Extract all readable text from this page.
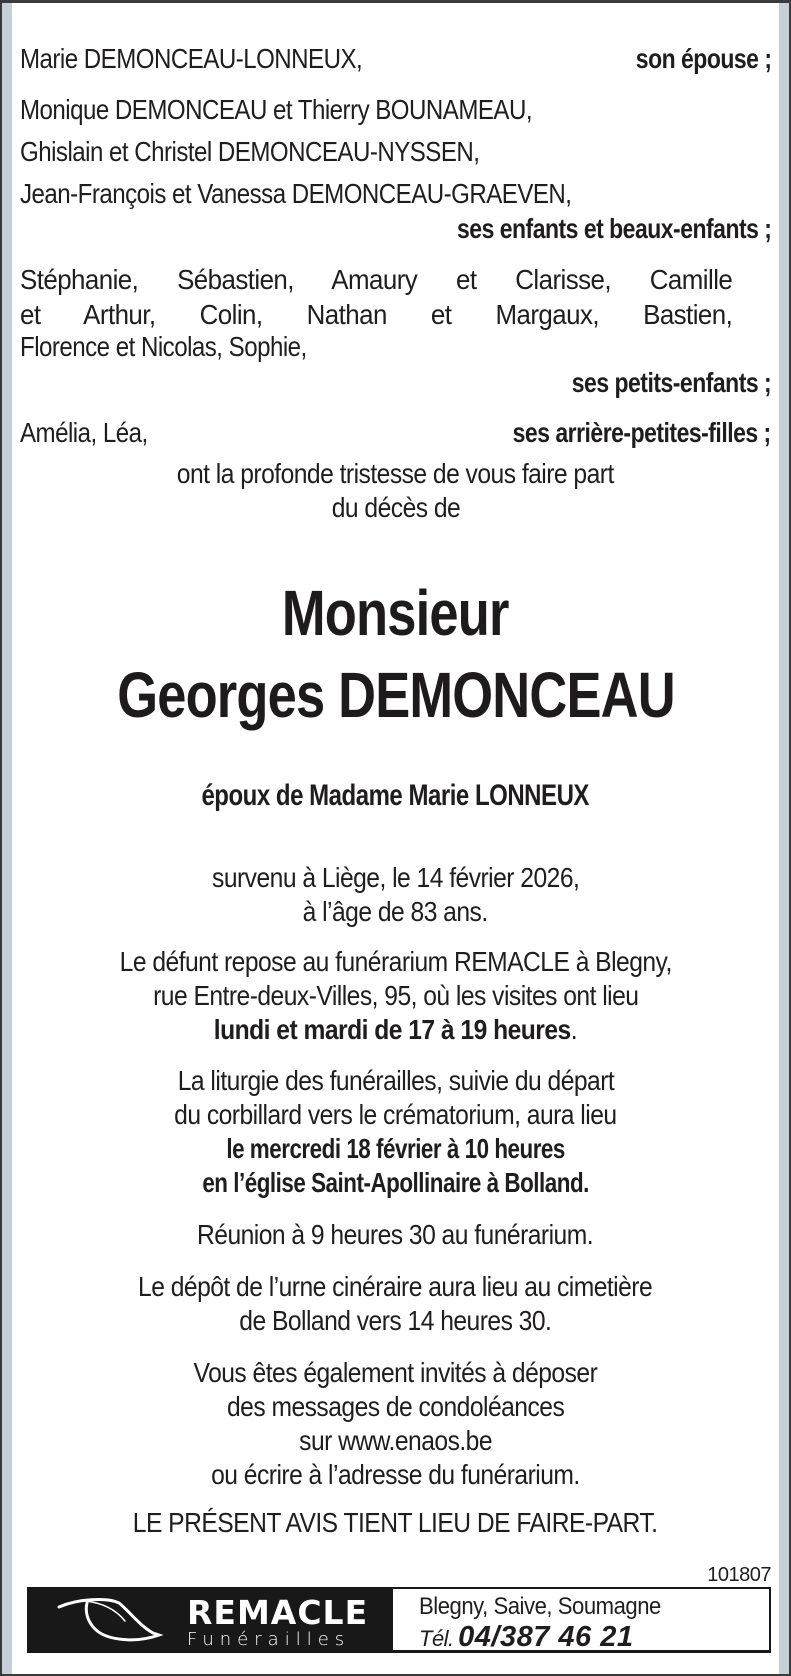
Marie DEMONCEAU-LONNEUX,	son épouse ;
Monique DEMONCEAU et Thierry BOUNAMEAU,
Ghislain et Christel DEMONCEAU-NYSSEN,
Jean-François et Vanessa DEMONCEAU-GRAEVEN,
ses enfants et beaux-enfants ;
Stéphanie, Sébastien, Amaury et Clarisse, Camille
et Arthur, Colin, Nathan et Margaux, Bastien,
Florence et Nicolas, Sophie,
ses petits-enfants ;
Amélia, Léa,	ses arrière-petites-filles ;
ont la profonde tristesse de vous faire part
du décès de
Monsieur
Georges DEMONCEAU
époux de Madame Marie LONNEUX
survenu à Liège, le 14 février 2026,
à l’âge de 83 ans.
Le défunt repose au funérarium REMACLE à Blegny,
rue Entre-deux-Villes, 95, où les visites ont lieu
lundi et mardi de 17 à 19 heures.
La liturgie des funérailles, suivie du départ
du corbillard vers le crématorium, aura lieu
le mercredi 18 février à 10 heures
en l’église Saint-Apollinaire à Bolland.
Réunion à 9 heures 30 au funérarium.
Le dépôt de l’urne cinéraire aura lieu au cimetière
de Bolland vers 14 heures 30.
Vous êtes également invités à déposer
des messages de condoléances
sur www.enaos.be
ou écrire à l’adresse du funérarium.
LE PRÉSENT AVIS TIENT LIEU DE FAIRE-PART.
101807
REMACLE
Funérailles
Blegny, Saive, Soumagne
Tél. 04/387 46 21
